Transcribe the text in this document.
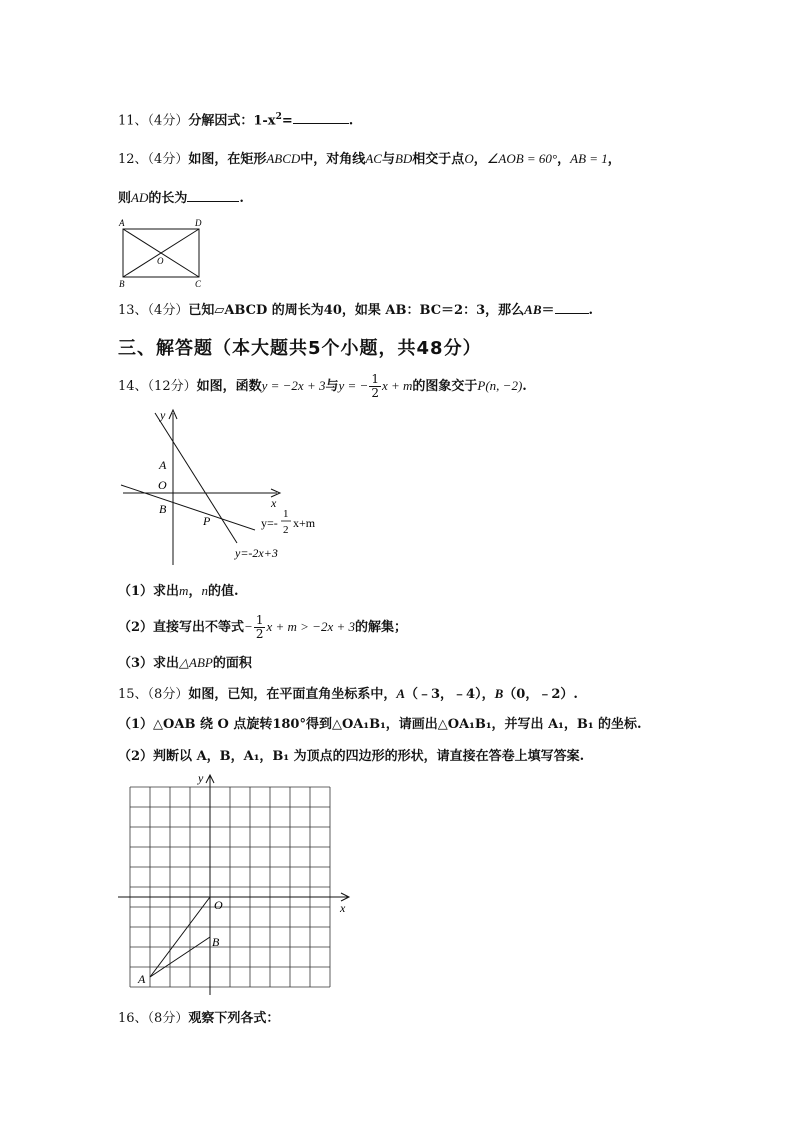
11、（4分）分解因式：$1-x^2=$	.
12、（4分）如图，在矩形ABCD中，对角线AC与BD相交于点O，∠AOB = 60°，AB = 1，
则AD的长为	.
A	D
B	C
O
13、（4分）已知▱ABCD 的周长为40，如果 AB：BC＝2：3，那么AB＝	.
三、解答题（本大题共5个小题，共48分）
14、（12分）如图，函数y = −2x + 3与y = − $\frac{1}{2}$ x + m的图象交于P(n, −2).
y
x
A
O
B
P	y=-
1
2 x+m
y=-2x+3
（1）求出m，n的值.
（2）直接写出不等式− $\frac{1}{2}$ x + m > −2x + 3的解集；
（3）求出△ABP的面积
15、（8分）如图，已知，在平面直角坐标系中，A（﹣3，﹣4），B（0，﹣2）.
（1）△OAB 绕 O 点旋转180°得到△OA₁B₁，请画出△OA₁B₁，并写出 A₁，B₁ 的坐标.
（2）判断以 A，B，A₁，B₁ 为顶点的四边形的形状，请直接在答卷上填写答案.
y
x
O
B
A
16、（8分）观察下列各式：
